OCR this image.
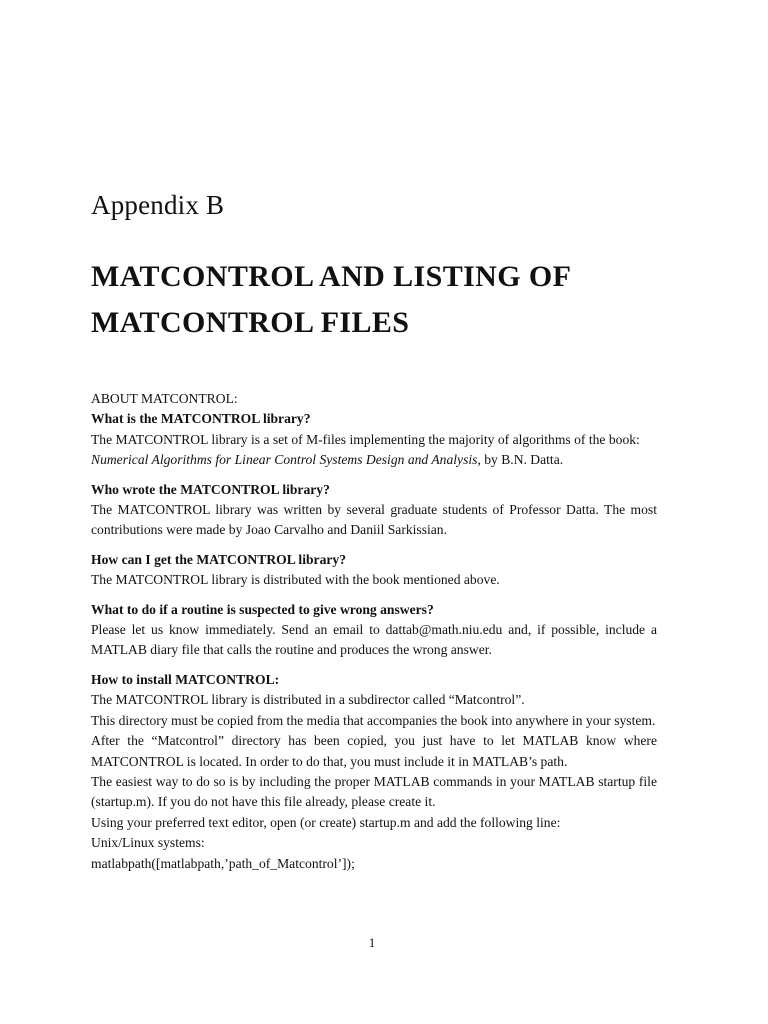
Appendix B
MATCONTROL AND LISTING OF MATCONTROL FILES

ABOUT MATCONTROL:

What is the MATCONTROL library?

The MATCONTROL library is a set of M-files implementing the majority of algorithms of the book:

Numerical Algorithms for Linear Control Systems Design and Analysis, by B.N. Datta.

Who wrote the MATCONTROL library?

The MATCONTROL library was written by several graduate students of Professor Datta. The most contributions were made by Joao Carvalho and Daniil Sarkissian.

How can I get the MATCONTROL library?

The MATCONTROL library is distributed with the book mentioned above.

What to do if a routine is suspected to give wrong answers?

Please let us know immediately. Send an email to dattab@math.niu.edu and, if possible, include a MATLAB diary file that calls the routine and produces the wrong answer.

How to install MATCONTROL:

The MATCONTROL library is distributed in a subdirector called “Matcontrol”.

This directory must be copied from the media that accompanies the book into anywhere in your system.

After the “Matcontrol” directory has been copied, you just have to let MATLAB know where MATCONTROL is located. In order to do that, you must include it in MATLAB’s path.

The easiest way to do so is by including the proper MATLAB commands in your MATLAB startup file (startup.m). If you do not have this file already, please create it.

Using your preferred text editor, open (or create) startup.m and add the following line:

Unix/Linux systems:

matlabpath([matlabpath,’path_of_Matcontrol’]);

1
